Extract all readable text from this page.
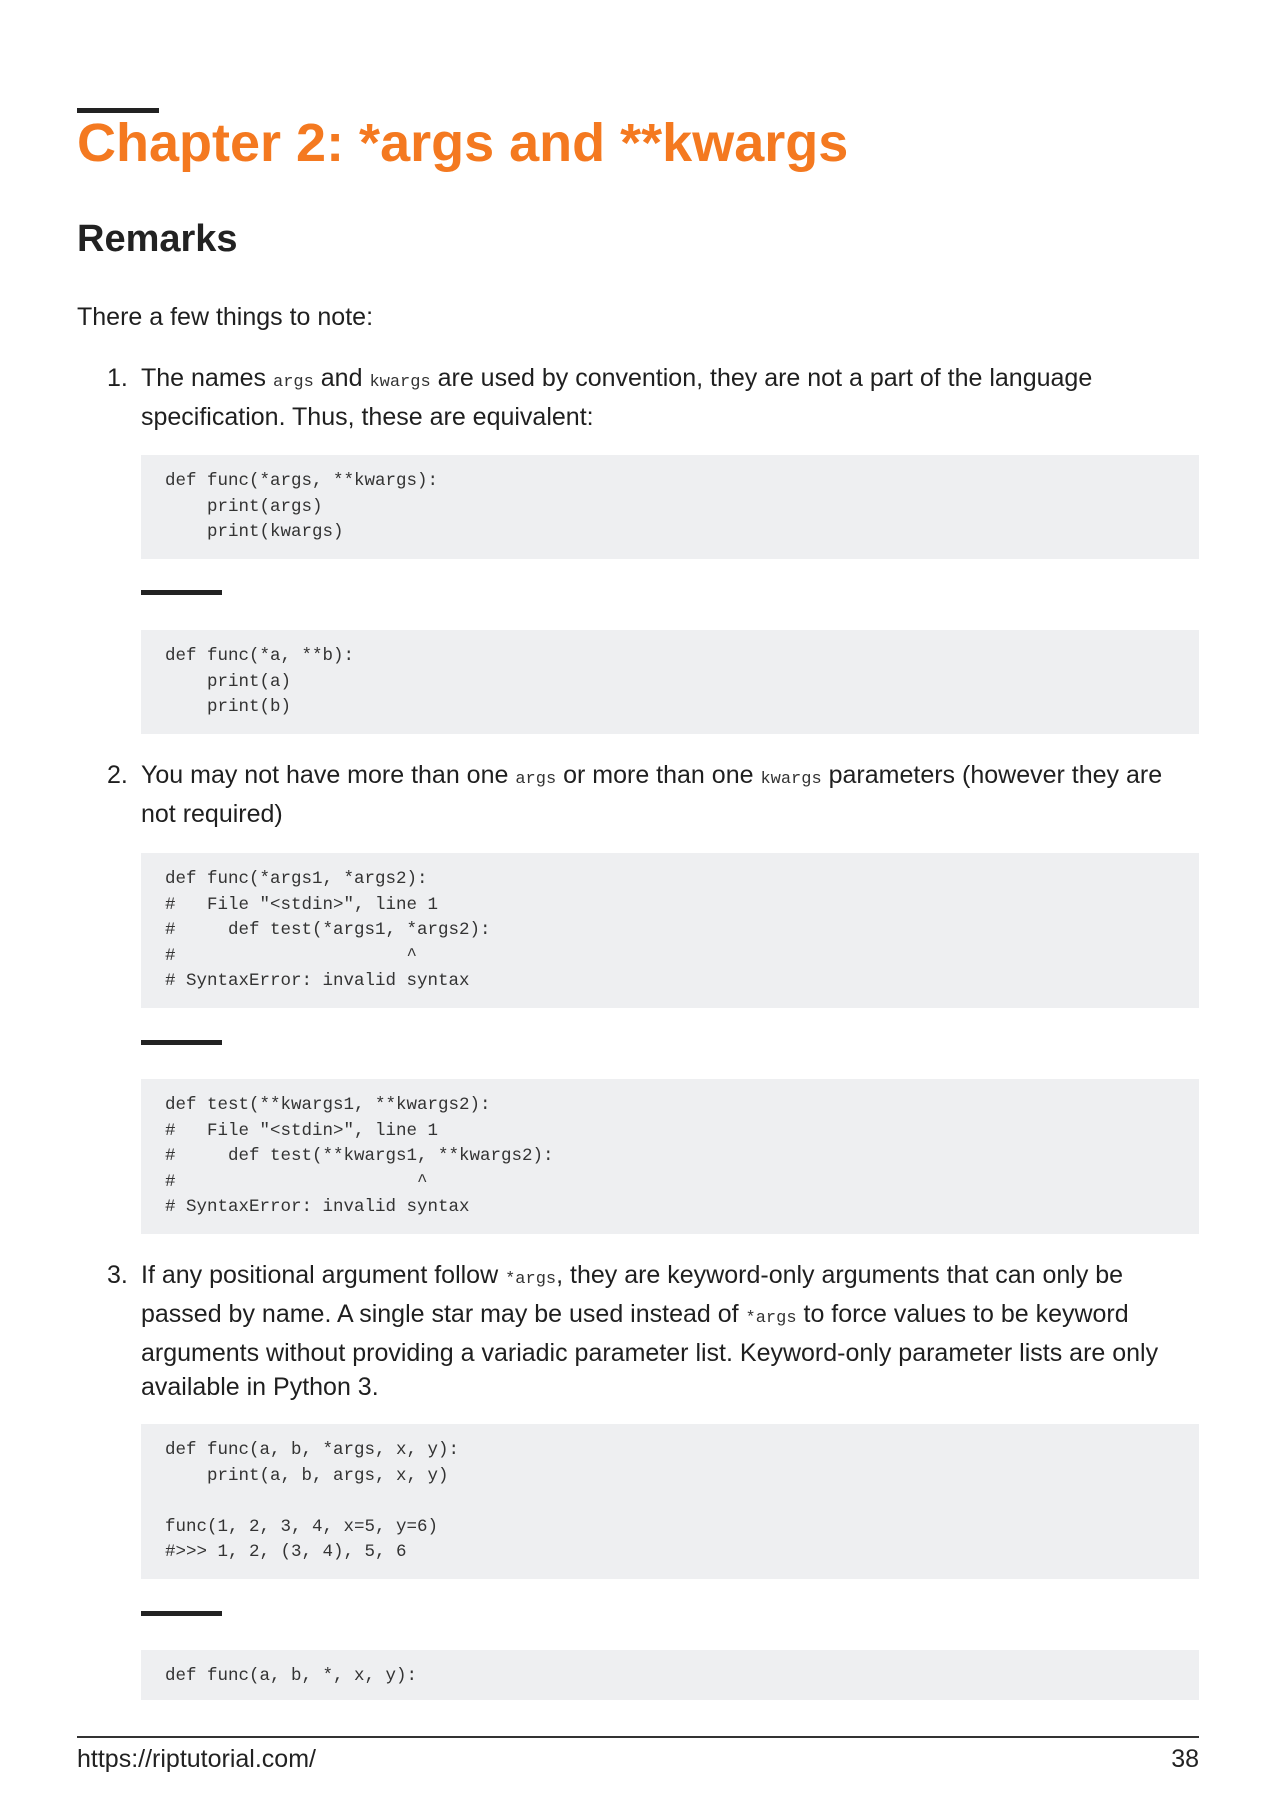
Chapter 2: *args and **kwargs
Remarks

There a few things to note:

1. The names args and kwargs are used by convention, they are not a part of the language specification. Thus, these are equivalent:

def func(*args, **kwargs):
print(args)
print(kwargs)
def func(*a, **b):
print(a)
print(b)
2. You may not have more than one args or more than one kwargs parameters (however they are not required)

def func(*args1, *args2):
#   File "<stdin>", line 1
#     def test(*args1, *args2):
#                      ^
# SyntaxError: invalid syntax
def test(**kwargs1, **kwargs2):
#   File "<stdin>", line 1
#     def test(**kwargs1, **kwargs2):
#                       ^
# SyntaxError: invalid syntax
3. If any positional argument follow *args, they are keyword-only arguments that can only be passed by name. A single star may be used instead of *args to force values to be keyword arguments without providing a variadic parameter list. Keyword-only parameter lists are only available in Python 3.

def func(a, b, *args, x, y):
print(a, b, args, x, y)

func(1, 2, 3, 4, x=5, y=6)
#>>> 1, 2, (3, 4), 5, 6
def func(a, b, *, x, y):
https://riptutorial.com/	38
